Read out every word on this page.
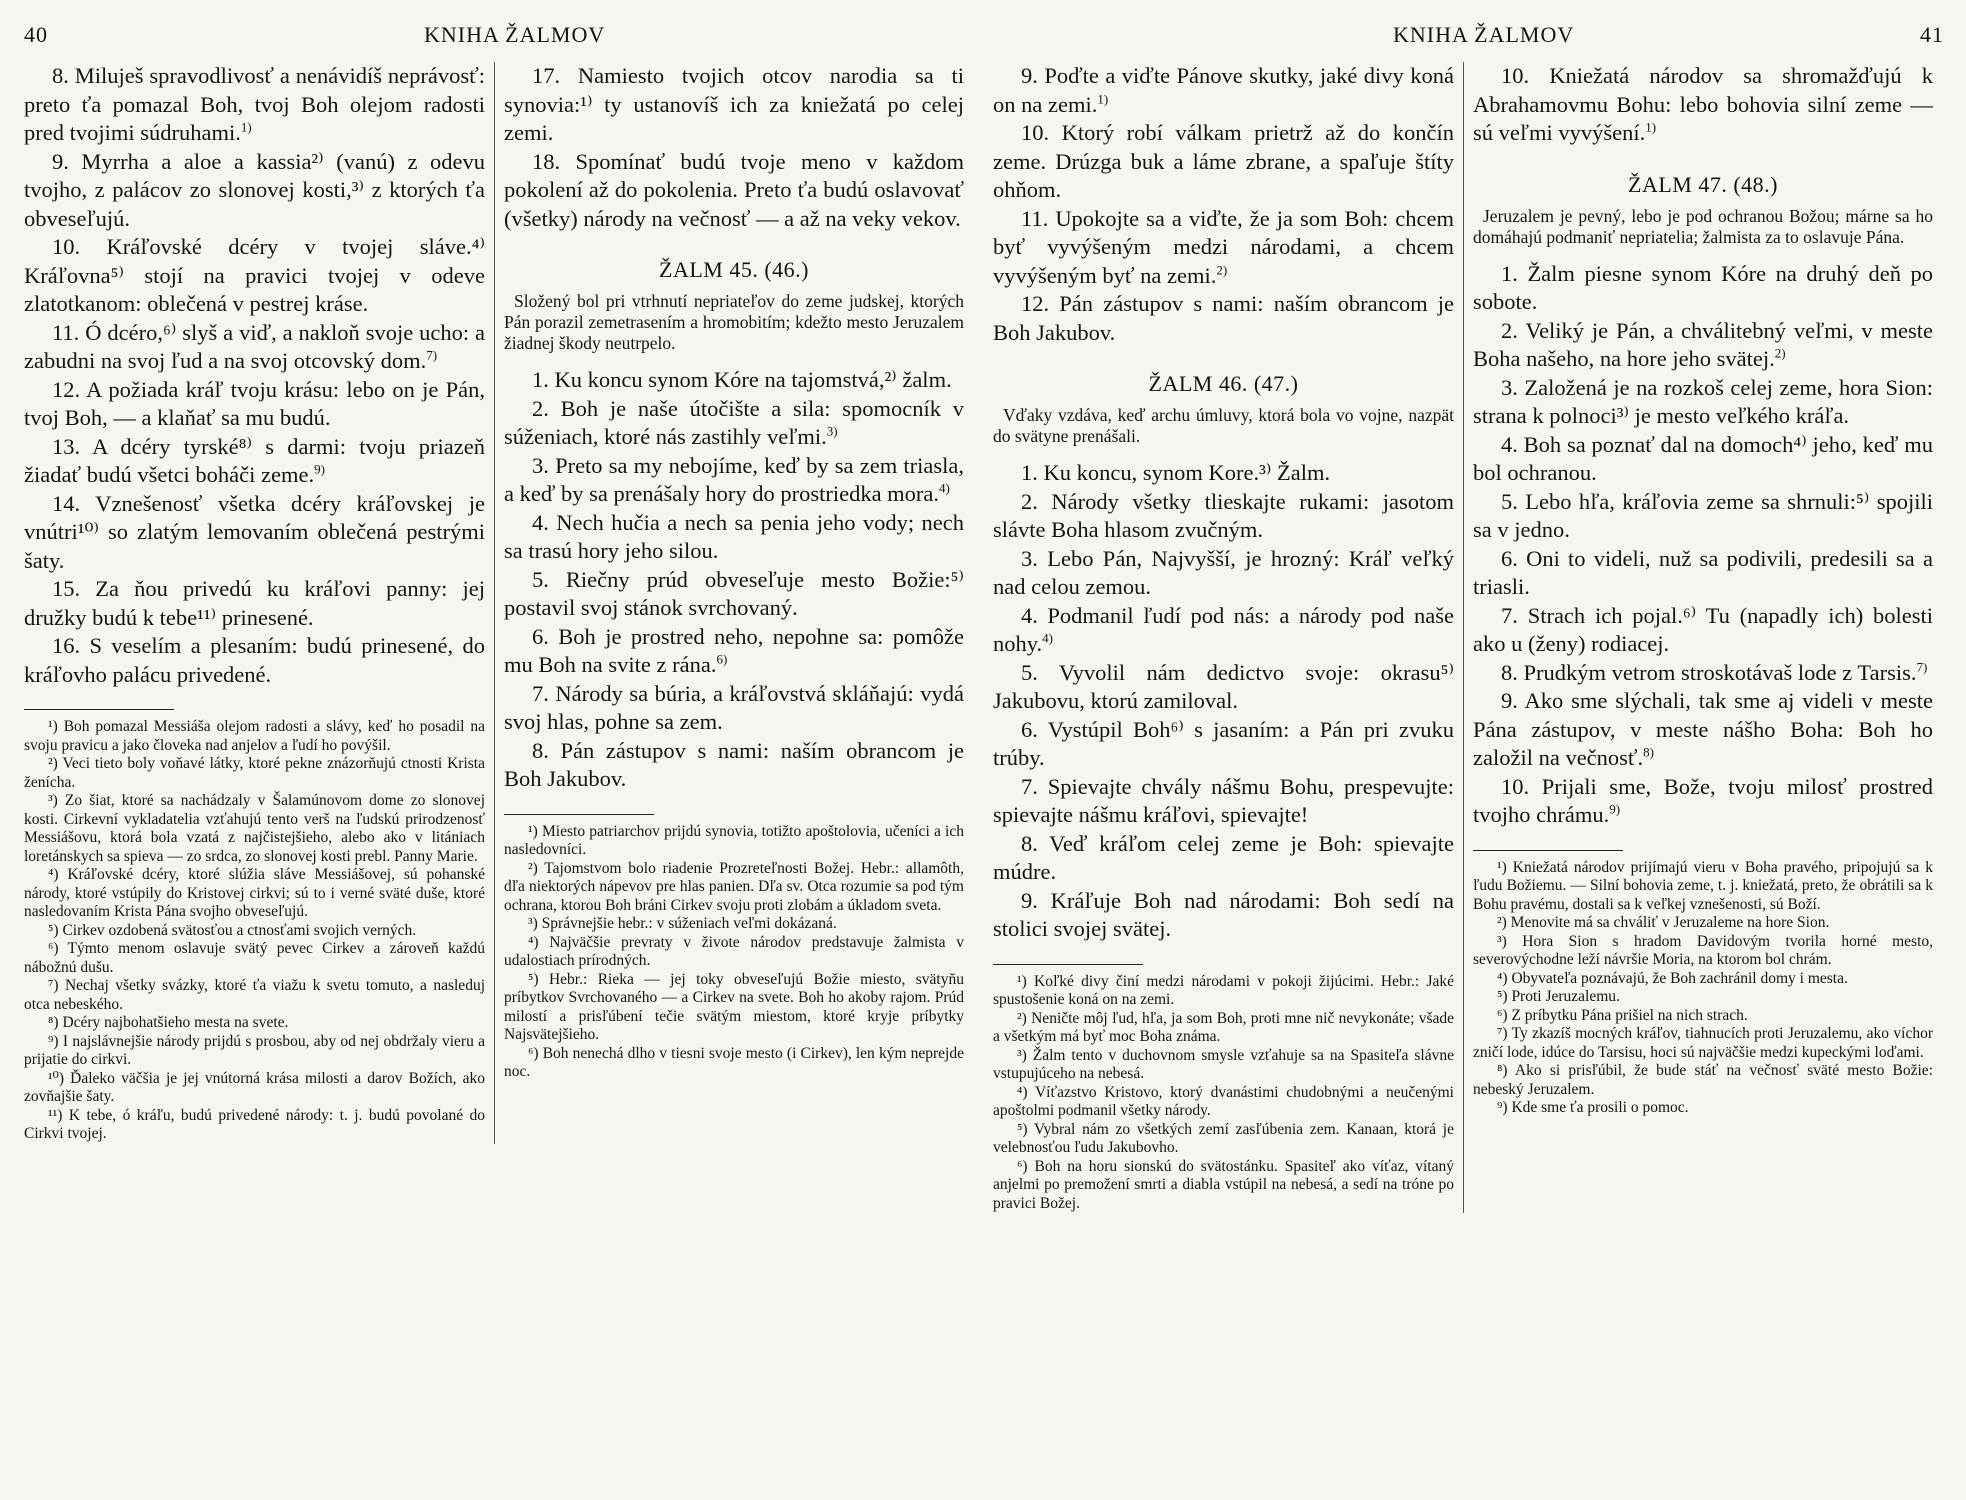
40	KNIHA ŽALMOV

8. Miluješ spravodlivosť a nenávidíš neprávosť: preto ťa pomazal Boh, tvoj Boh olejom radosti pred tvojimi súdruhami.$^{1)}$

9. Myrrha a aloe a kassia²⁾ (vanú) z odevu tvojho, z palácov zo slonovej kosti,³⁾ z ktorých ťa obveseľujú.

10. Kráľovské dcéry v tvojej sláve.⁴⁾ Kráľovna⁵⁾ stojí na pravici tvojej v odeve zlatotkanom: oblečená v pestrej kráse.

11. Ó dcéro,⁶⁾ slyš a viď, a nakloň svoje ucho: a zabudni na svoj ľud a na svoj otcovský dom.$^{7)}$

12. A požiada kráľ tvoju krásu: lebo on je Pán, tvoj Boh, — a klaňať sa mu budú.

13. A dcéry tyrské⁸⁾ s darmi: tvoju priazeň žiadať budú všetci boháči zeme.$^{9)}$

14. Vznešenosť všetka dcéry kráľovskej je vnútri¹⁰⁾ so zlatým lemovaním oblečená pestrými šaty.

15. Za ňou privedú ku kráľovi panny: jej družky budú k tebe¹¹⁾ prinesené.

16. S veselím a plesaním: budú prinesené, do kráľovho palácu privedené.

¹) Boh pomazal Messiáša olejom radosti a slávy, keď ho posadil na svoju pravicu a jako človeka nad anjelov a ľudí ho povýšil.

²) Veci tieto boly voňavé látky, ktoré pekne znázorňujú ctnosti Krista ženícha.

³) Zo šiat, ktoré sa nachádzaly v Šalamúnovom dome zo slonovej kosti. Cirkevní vykladatelia vzťahujú tento verš na ľudskú prirodzenosť Messiášovu, ktorá bola vzatá z najčistejšieho, alebo ako v litániach loretánskych sa spieva — zo srdca, zo slonovej kosti prebl. Panny Marie.

⁴) Kráľovské dcéry, ktoré slúžia sláve Messiášovej, sú pohanské národy, ktoré vstúpily do Kristovej cirkvi; sú to i verné sväté duše, ktoré nasledovaním Krista Pána svojho obveseľujú.

⁵) Cirkev ozdobená svätosťou a ctnosťami svojich verných.

⁶) Týmto menom oslavuje svätý pevec Cirkev a zároveň každú nábožnú dušu.

⁷) Nechaj všetky svázky, ktoré ťa viažu k svetu tomuto, a nasleduj otca nebeského.

⁸) Dcéry najbohatšieho mesta na svete.

⁹) I najslávnejšie národy prijdú s prosbou, aby od nej obdržaly vieru a prijatie do cirkvi.

¹⁰) Ďaleko väčšia je jej vnútorná krása milosti a darov Božích, ako zovňajšie šaty.

¹¹) K tebe, ó kráľu, budú privedené národy: t. j. budú povolané do Cirkvi tvojej.

17. Namiesto tvojich otcov narodia sa ti synovia:¹⁾ ty ustanovíš ich za kniežatá po celej zemi.

18. Spomínať budú tvoje meno v každom pokolení až do pokolenia. Preto ťa budú oslavovať (všetky) národy na večnosť — a až na veky vekov.

ŽALM 45. (46.)

Složený bol pri vtrhnutí nepriateľov do zeme judskej, ktorých Pán porazil zemetrasením a hromobitím; kdežto mesto Jeruzalem žiadnej škody neutrpelo.

1. Ku koncu synom Kóre na tajomstvá,²⁾ žalm.

2. Boh je naše útočište a sila: spomocník v súženiach, ktoré nás zastihly veľmi.$^{3)}$

3. Preto sa my nebojíme, keď by sa zem triasla, a keď by sa prenášaly hory do prostriedka mora.$^{4)}$

4. Nech hučia a nech sa penia jeho vody; nech sa trasú hory jeho silou.

5. Riečny prúd obveseľuje mesto Božie:⁵⁾ postavil svoj stánok svrchovaný.

6. Boh je prostred neho, nepohne sa: pomôže mu Boh na svite z rána.$^{6)}$

7. Národy sa búria, a kráľovstvá skláňajú: vydá svoj hlas, pohne sa zem.

8. Pán zástupov s nami: naším obrancom je Boh Jakubov.

¹) Miesto patriarchov prijdú synovia, totižto apoštolovia, učeníci a ich nasledovníci.

²) Tajomstvom bolo riadenie Prozreteľnosti Božej. Hebr.: allamôth, dľa niektorých nápevov pre hlas panien. Dľa sv. Otca rozumie sa pod tým ochrana, ktorou Boh bráni Cirkev svoju proti zlobám a úkladom sveta.

³) Správnejšie hebr.: v súženiach veľmi dokázaná.

⁴) Najväčšie prevraty v živote národov predstavuje žalmista v udalostiach prírodných.

⁵) Hebr.: Rieka — jej toky obveseľujú Božie miesto, svätyňu príbytkov Svrchovaného — a Cirkev na svete. Boh ho akoby rajom. Prúd milostí a prisľúbení tečie svätým miestom, ktoré kryje príbytky Najsvätejšieho.

⁶) Boh nenechá dlho v tiesni svoje mesto (i Cirkev), len kým neprejde noc.

KNIHA ŽALMOV	41

9. Poďte a viďte Pánove skutky, jaké divy koná on na zemi.$^{1)}$

10. Ktorý robí válkam prietrž až do končín zeme. Drúzga buk a láme zbrane, a spaľuje štíty ohňom.

11. Upokojte sa a viďte, že ja som Boh: chcem byť vyvýšeným medzi národami, a chcem vyvýšeným byť na zemi.$^{2)}$

12. Pán zástupov s nami: naším obrancom je Boh Jakubov.

ŽALM 46. (47.)

Vďaky vzdáva, keď archu úmluvy, ktorá bola vo vojne, nazpät do svätyne prenášali.

1. Ku koncu, synom Kore.³⁾ Žalm.

2. Národy všetky tlieskajte rukami: jasotom slávte Boha hlasom zvučným.

3. Lebo Pán, Najvyšší, je hrozný: Kráľ veľký nad celou zemou.

4. Podmanil ľudí pod nás: a národy pod naše nohy.$^{4)}$

5. Vyvolil nám dedictvo svoje: okrasu⁵⁾ Jakubovu, ktorú zamiloval.

6. Vystúpil Boh⁶⁾ s jasaním: a Pán pri zvuku trúby.

7. Spievajte chvály nášmu Bohu, prespevujte: spievajte nášmu kráľovi, spievajte!

8. Veď kráľom celej zeme je Boh: spievajte múdre.

9. Kráľuje Boh nad národami: Boh sedí na stolici svojej svätej.

¹) Koľké divy činí medzi národami v pokoji žijúcimi. Hebr.: Jaké spustošenie koná on na zemi.

²) Neničte môj ľud, hľa, ja som Boh, proti mne nič nevykonáte; všade a všetkým má byť moc Boha známa.

³) Žalm tento v duchovnom smysle vzťahuje sa na Spasiteľa slávne vstupujúceho na nebesá.

⁴) Víťazstvo Kristovo, ktorý dvanástimi chudobnými a neučenými apoštolmi podmanil všetky národy.

⁵) Vybral nám zo všetkých zemí zasľúbenia zem. Kanaan, ktorá je velebnosťou ľudu Jakubovho.

⁶) Boh na horu sionskú do svätostánku. Spasiteľ ako víťaz, vítaný anjelmi po premožení smrti a diabla vstúpil na nebesá, a sedí na tróne po pravici Božej.

10. Kniežatá národov sa shromažďujú k Abrahamovmu Bohu: lebo bohovia silní zeme — sú veľmi vyvýšení.$^{1)}$

ŽALM 47. (48.)

Jeruzalem je pevný, lebo je pod ochranou Božou; márne sa ho domáhajú podmaniť nepriatelia; žalmista za to oslavuje Pána.

1. Žalm piesne synom Kóre na druhý deň po sobote.

2. Veliký je Pán, a chválitebný veľmi, v meste Boha našeho, na hore jeho svätej.$^{2)}$

3. Založená je na rozkoš celej zeme, hora Sion: strana k polnoci³⁾ je mesto veľkého kráľa.

4. Boh sa poznať dal na domoch⁴⁾ jeho, keď mu bol ochranou.

5. Lebo hľa, kráľovia zeme sa shrnuli:⁵⁾ spojili sa v jedno.

6. Oni to videli, nuž sa podivili, predesili sa a triasli.

7. Strach ich pojal.⁶⁾ Tu (napadly ich) bolesti ako u (ženy) rodiacej.

8. Prudkým vetrom stroskotávaš lode z Tarsis.$^{7)}$

9. Ako sme slýchali, tak sme aj videli v meste Pána zástupov, v meste nášho Boha: Boh ho založil na večnosť.$^{8)}$

10. Prijali sme, Bože, tvoju milosť prostred tvojho chrámu.$^{9)}$

¹) Kniežatá národov prijímajú vieru v Boha pravého, pripojujú sa k ľudu Božiemu. — Silní bohovia zeme, t. j. kniežatá, preto, že obrátili sa k Bohu pravému, dostali sa k veľkej vznešenosti, sú Boží.

²) Menovite má sa chváliť v Jeruzaleme na hore Sion.

³) Hora Sion s hradom Davidovým tvorila horné mesto, severovýchodne leží návršie Moria, na ktorom bol chrám.

⁴) Obyvateľa poznávajú, že Boh zachránil domy i mesta.

⁵) Proti Jeruzalemu.

⁶) Z príbytku Pána prišiel na nich strach.

⁷) Ty zkazíš mocných kráľov, tiahnucích proti Jeruzalemu, ako víchor zničí lode, idúce do Tarsisu, hoci sú najväčšie medzi kupeckými loďami.

⁸) Ako si prisľúbil, že bude stáť na večnosť sväté mesto Božie: nebeský Jeruzalem.

⁹) Kde sme ťa prosili o pomoc.
